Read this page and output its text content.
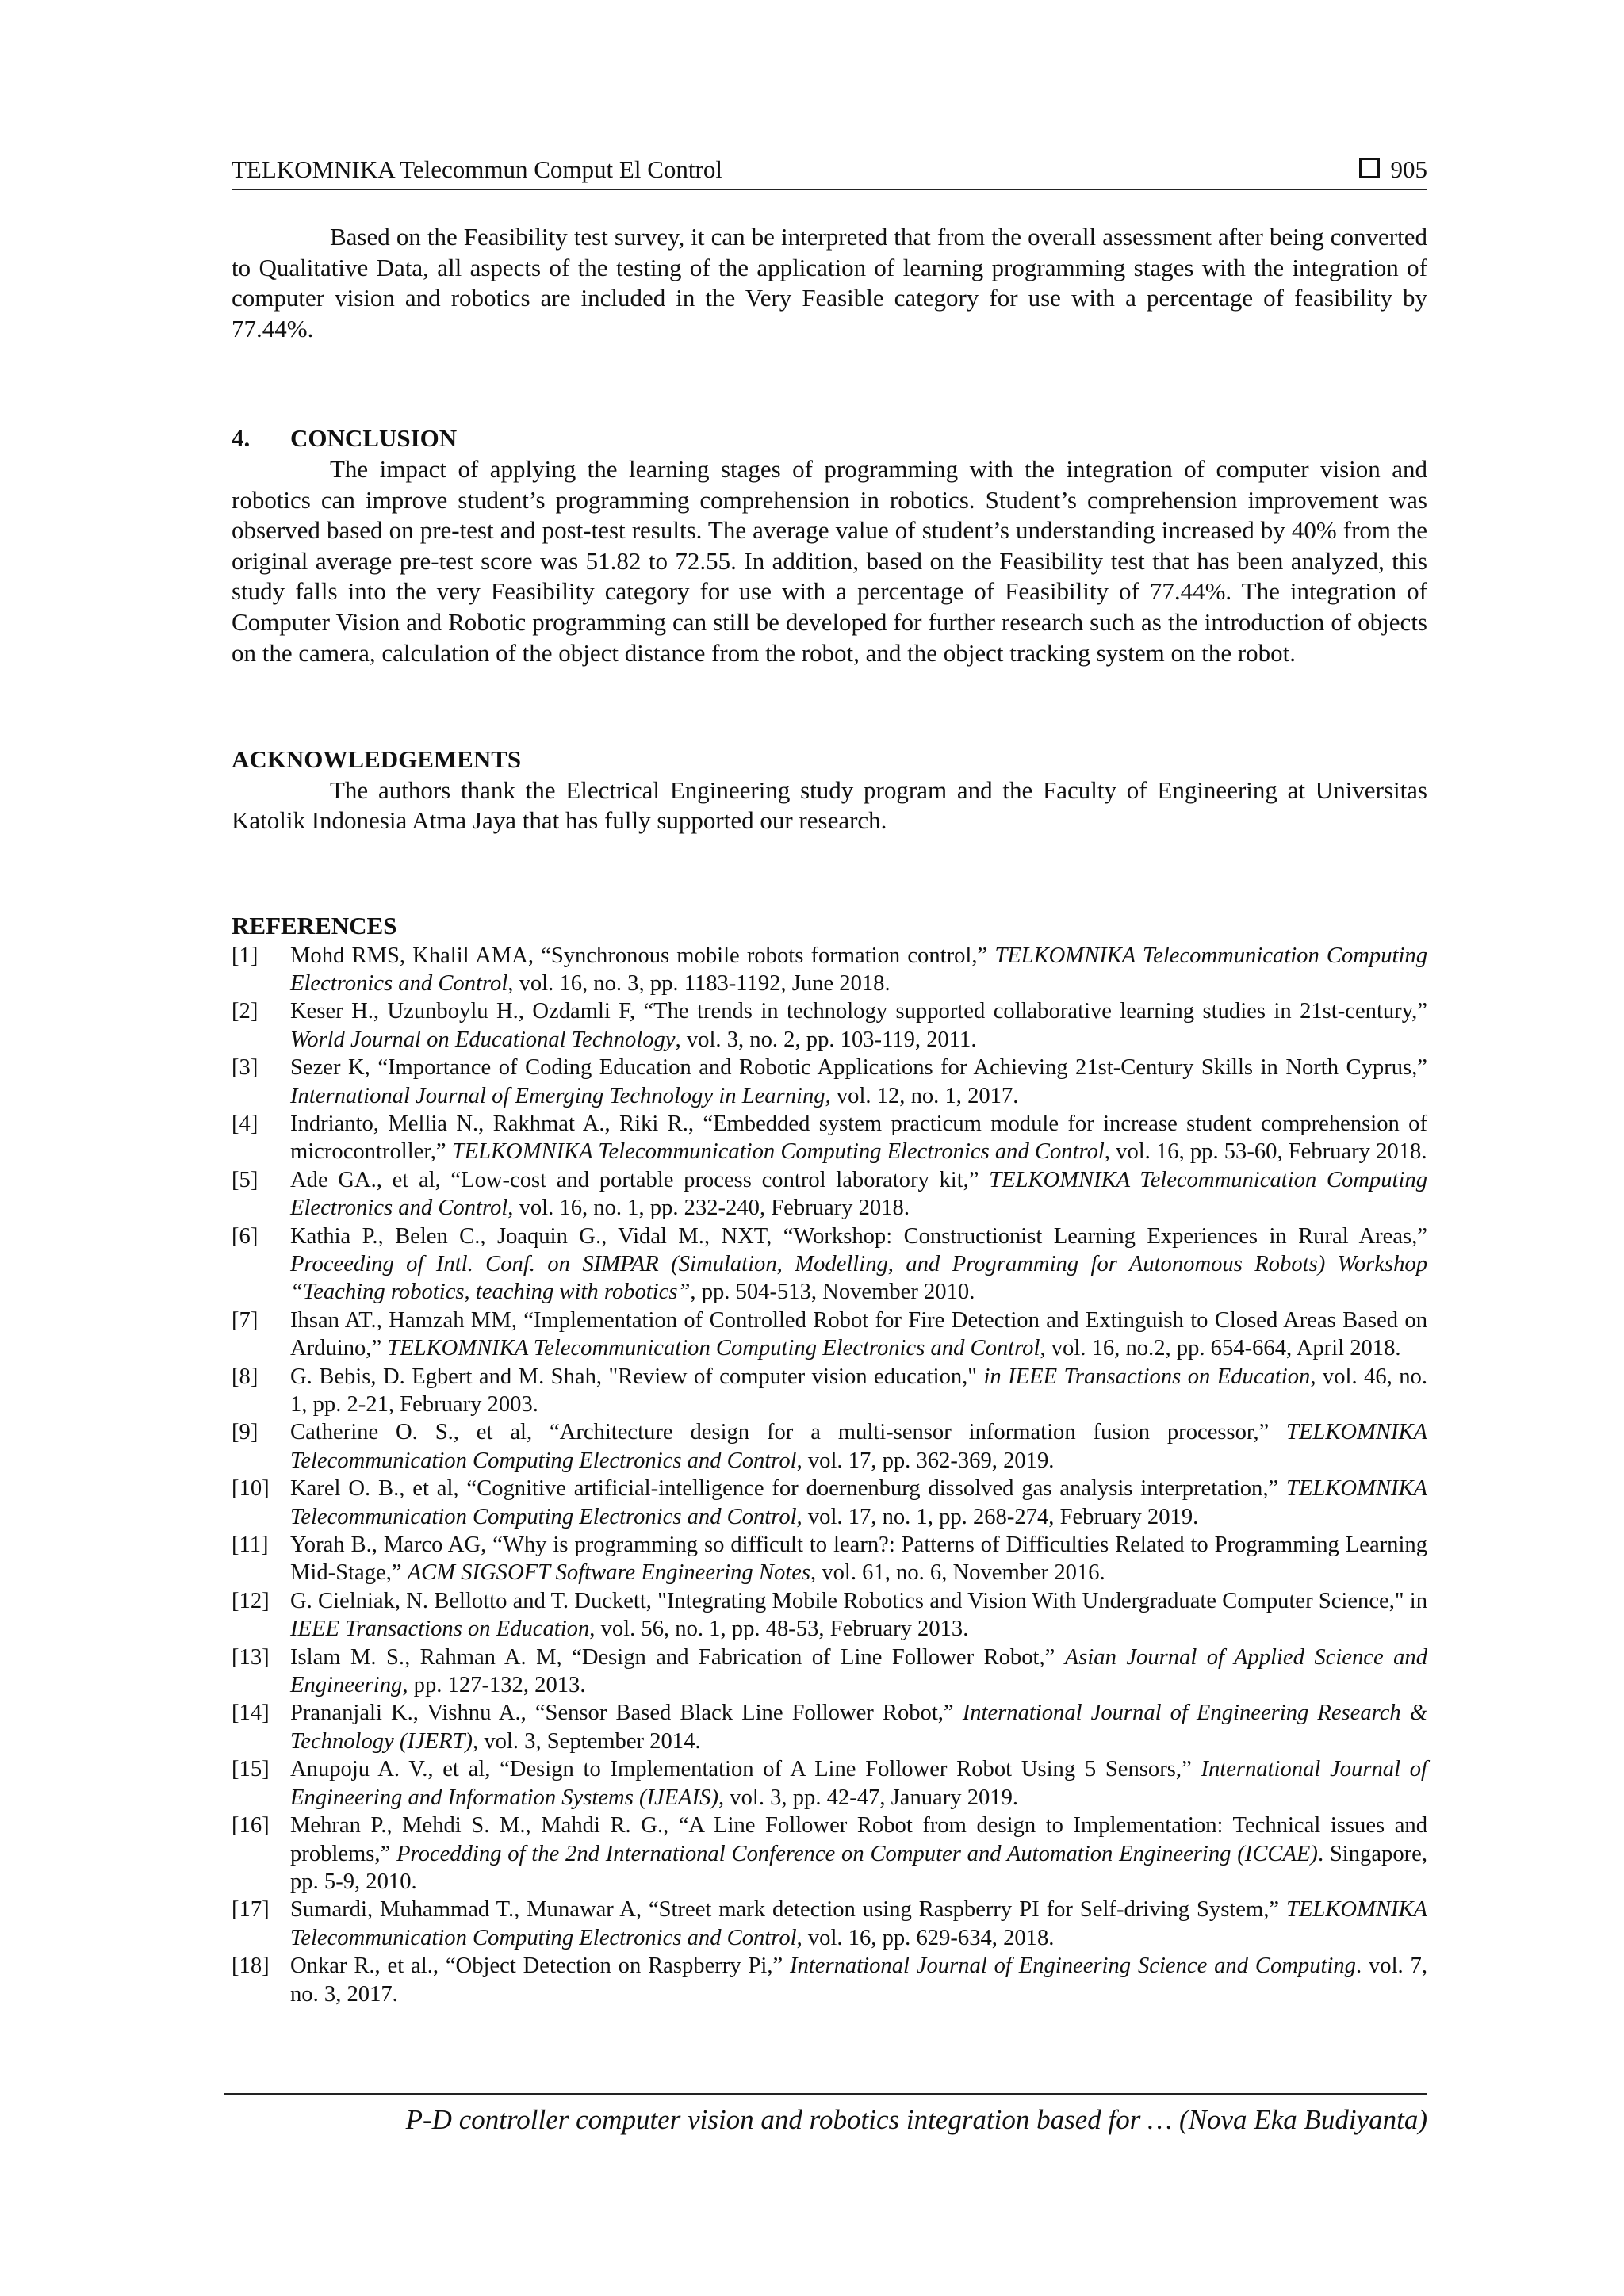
TELKOMNIKA Telecommun Comput El Control	905

Based on the Feasibility test survey, it can be interpreted that from the overall assessment after being converted to Qualitative Data, all aspects of the testing of the application of learning programming stages with the integration of computer vision and robotics are included in the Very Feasible category for use with a percentage of feasibility by 77.44%.

4. CONCLUSION

The impact of applying the learning stages of programming with the integration of computer vision and robotics can improve student’s programming comprehension in robotics. Student’s comprehension improvement was observed based on pre-test and post-test results. The average value of student’s understanding increased by 40% from the original average pre-test score was 51.82 to 72.55. In addition, based on the Feasibility test that has been analyzed, this study falls into the very Feasibility category for use with a percentage of Feasibility of 77.44%. The integration of Computer Vision and Robotic programming can still be developed for further research such as the introduction of objects on the camera, calculation of the object distance from the robot, and the object tracking system on the robot.

ACKNOWLEDGEMENTS

The authors thank the Electrical Engineering study program and the Faculty of Engineering at Universitas Katolik Indonesia Atma Jaya that has fully supported our research.

REFERENCES
[1] Mohd RMS, Khalil AMA, “Synchronous mobile robots formation control,” TELKOMNIKA Telecommunication Computing Electronics and Control, vol. 16, no. 3, pp. 1183-1192, June 2018.
[2] Keser H., Uzunboylu H., Ozdamli F, “The trends in technology supported collaborative learning studies in 21st-century,” World Journal on Educational Technology, vol. 3, no. 2, pp. 103-119, 2011.
[3] Sezer K, “Importance of Coding Education and Robotic Applications for Achieving 21st-Century Skills in North Cyprus,” International Journal of Emerging Technology in Learning, vol. 12, no. 1, 2017.
[4] Indrianto, Mellia N., Rakhmat A., Riki R., “Embedded system practicum module for increase student comprehension of microcontroller,” TELKOMNIKA Telecommunication Computing Electronics and Control, vol. 16, pp. 53-60, February 2018.
[5] Ade GA., et al, “Low-cost and portable process control laboratory kit,” TELKOMNIKA Telecommunication Computing Electronics and Control, vol. 16, no. 1, pp. 232-240, February 2018.
[6] Kathia P., Belen C., Joaquin G., Vidal M., NXT, “Workshop: Constructionist Learning Experiences in Rural Areas,” Proceeding of Intl. Conf. on SIMPAR (Simulation, Modelling, and Programming for Autonomous Robots) Workshop “Teaching robotics, teaching with robotics”, pp. 504-513, November 2010.
[7] Ihsan AT., Hamzah MM, “Implementation of Controlled Robot for Fire Detection and Extinguish to Closed Areas Based on Arduino,” TELKOMNIKA Telecommunication Computing Electronics and Control, vol. 16, no.2, pp. 654-664, April 2018.
[8] G. Bebis, D. Egbert and M. Shah, "Review of computer vision education," in IEEE Transactions on Education, vol. 46, no. 1, pp. 2-21, February 2003.
[9] Catherine O. S., et al, “Architecture design for a multi-sensor information fusion processor,” TELKOMNIKA Telecommunication Computing Electronics and Control, vol. 17, pp. 362-369, 2019.
[10] Karel O. B., et al, “Cognitive artificial-intelligence for doernenburg dissolved gas analysis interpretation,” TELKOMNIKA Telecommunication Computing Electronics and Control, vol. 17, no. 1, pp. 268-274, February 2019.
[11] Yorah B., Marco AG, “Why is programming so difficult to learn?: Patterns of Difficulties Related to Programming Learning Mid-Stage,” ACM SIGSOFT Software Engineering Notes, vol. 61, no. 6, November 2016.
[12] G. Cielniak, N. Bellotto and T. Duckett, "Integrating Mobile Robotics and Vision With Undergraduate Computer Science," in IEEE Transactions on Education, vol. 56, no. 1, pp. 48-53, February 2013.
[13] Islam M. S., Rahman A. M, “Design and Fabrication of Line Follower Robot,” Asian Journal of Applied Science and Engineering, pp. 127-132, 2013.
[14] Prananjali K., Vishnu A., “Sensor Based Black Line Follower Robot,” International Journal of Engineering Research & Technology (IJERT), vol. 3, September 2014.
[15] Anupoju A. V., et al, “Design to Implementation of A Line Follower Robot Using 5 Sensors,” International Journal of Engineering and Information Systems (IJEAIS), vol. 3, pp. 42-47, January 2019.
[16] Mehran P., Mehdi S. M., Mahdi R. G., “A Line Follower Robot from design to Implementation: Technical issues and problems,” Procedding of the 2nd International Conference on Computer and Automation Engineering (ICCAE). Singapore, pp. 5-9, 2010.
[17] Sumardi, Muhammad T., Munawar A, “Street mark detection using Raspberry PI for Self-driving System,” TELKOMNIKA Telecommunication Computing Electronics and Control, vol. 16, pp. 629-634, 2018.
[18] Onkar R., et al., “Object Detection on Raspberry Pi,” International Journal of Engineering Science and Computing. vol. 7, no. 3, 2017.
P-D controller computer vision and robotics integration based for … (Nova Eka Budiyanta)
